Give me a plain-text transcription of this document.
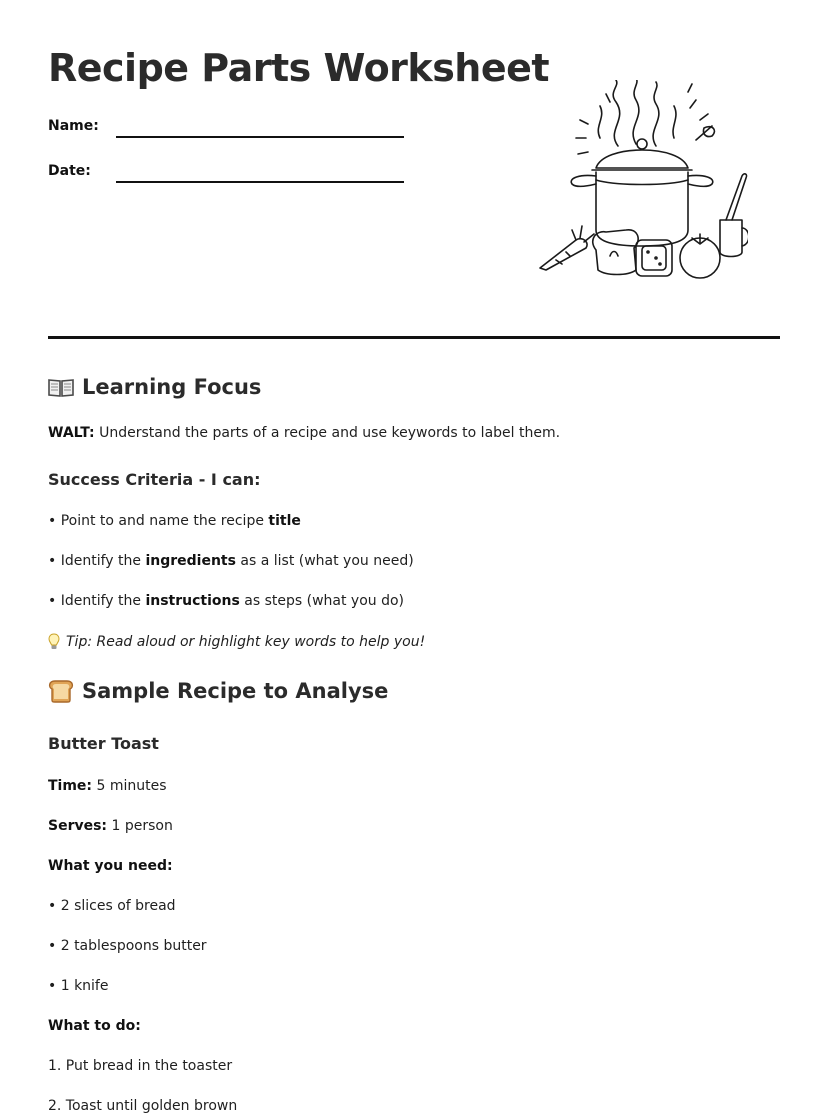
Recipe Parts Worksheet
Name:
Date:
Learning Focus
WALT: Understand the parts of a recipe and use keywords to label them.
Success Criteria - I can:
• Point to and name the recipe title
• Identify the ingredients as a list (what you need)
• Identify the instructions as steps (what you do)
Tip: Read aloud or highlight key words to help you!
Sample Recipe to Analyse
Butter Toast
Time: 5 minutes
Serves: 1 person
What you need:
• 2 slices of bread
• 2 tablespoons butter
• 1 knife
What to do:
1. Put bread in the toaster
2. Toast until golden brown
